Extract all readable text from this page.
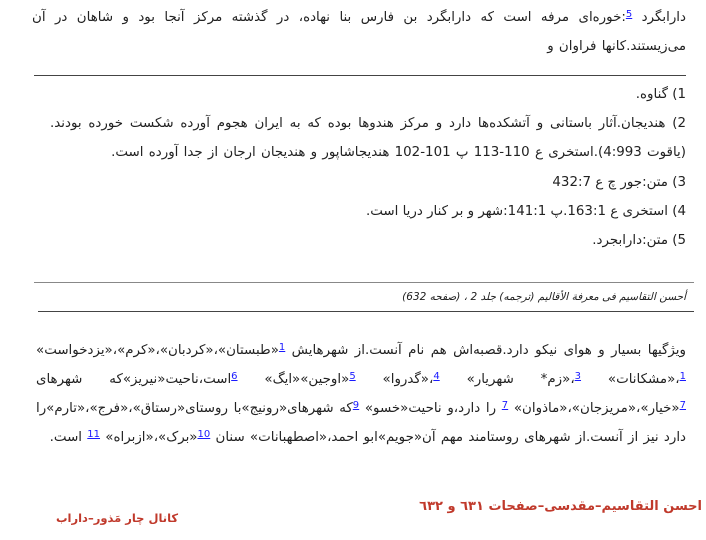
دارابگرد $^5$:خوره‌ای مرفه است که دارابگرد بن فارس بنا نهاده، در گذشته مرکز آنجا بود و شاهان در آن می‌زیستند.کانها فراوان و

1) گناوه.

2) هندیجان.آثار باستانی و آتشکده‌ها دارد و مرکز هندوها بوده که به ایران هجوم آورده شکست خورده بودند.(یاقوت 4:993).استخری ع 110-113 پ 101-102 هندیجاشاپور و هندیجان ارجان از جدا آورده است.

3) متن:جور چ ع 432:7
4) استخری ع 163:1.پ 141:1:شهر و بر کنار دریا است.
5) متن:دارابجرد.
أحسن التقاسیم فی معرفة الأقالیم (ترجمه) جلد 2 ، (صفحه 632)

ویژگیها بسیار و هوای نیکو دارد.قصبه‌اش هم نام آنست.از شهرهایش $^1$«طبستان»،«کردبان»،«کرم»،«یزدخواست» $^1$،«مشکانات» $^3$،«زم* شهریار» $^4$،«گدروا» $^5$«اوجین»«ایگ» $^6$است،ناحیت«نیریز»که شهرهای $^7$«خیار»،«مریزجان»،«ماذوان» $^7$ را دارد،و ناحیت«خسو» $^9$که شهرهای«رونیج»با روستای«رستاق»،«فرج»،«تارم»را دارد نیز از آنست.از شهرهای روستامند مهم آن«جویم»ابو احمد،«اصطهبانات» سنان $^{10}$«برک»،«ازبراه» $^{11}$ است.

احسن التقاسیم–مقدسی–صفحات ٦٣١ و ٦٣٢
کانال چار مَذور–داراب
